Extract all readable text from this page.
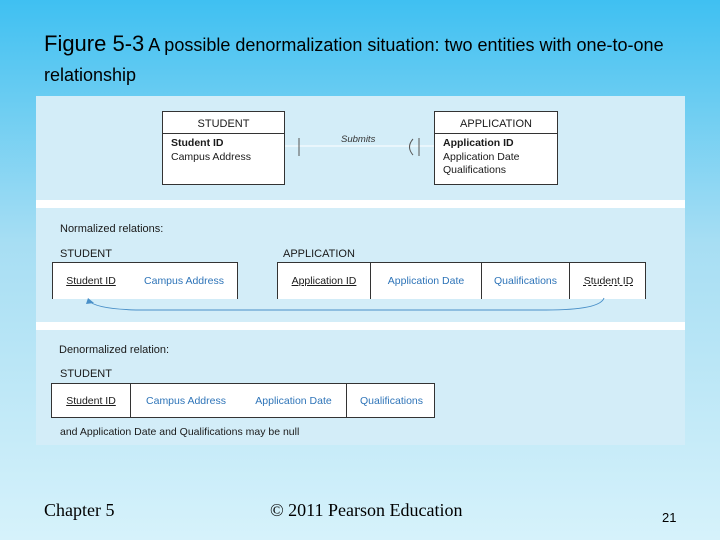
Figure 5-3 A possible denormalization situation: two entities with one-to-one relationship
STUDENT
Student ID
Campus Address
Submits
APPLICATION
Application ID
Application Date
Qualifications
Normalized relations:
STUDENT	APPLICATION
Student ID	Campus Address	Application ID	Application Date	Qualifications	Student ID
Denormalized relation:
STUDENT
Student ID	Campus Address	Application Date	Qualifications
and Application Date and Qualifications may be null
Chapter 5	© 2011 Pearson Education	21
